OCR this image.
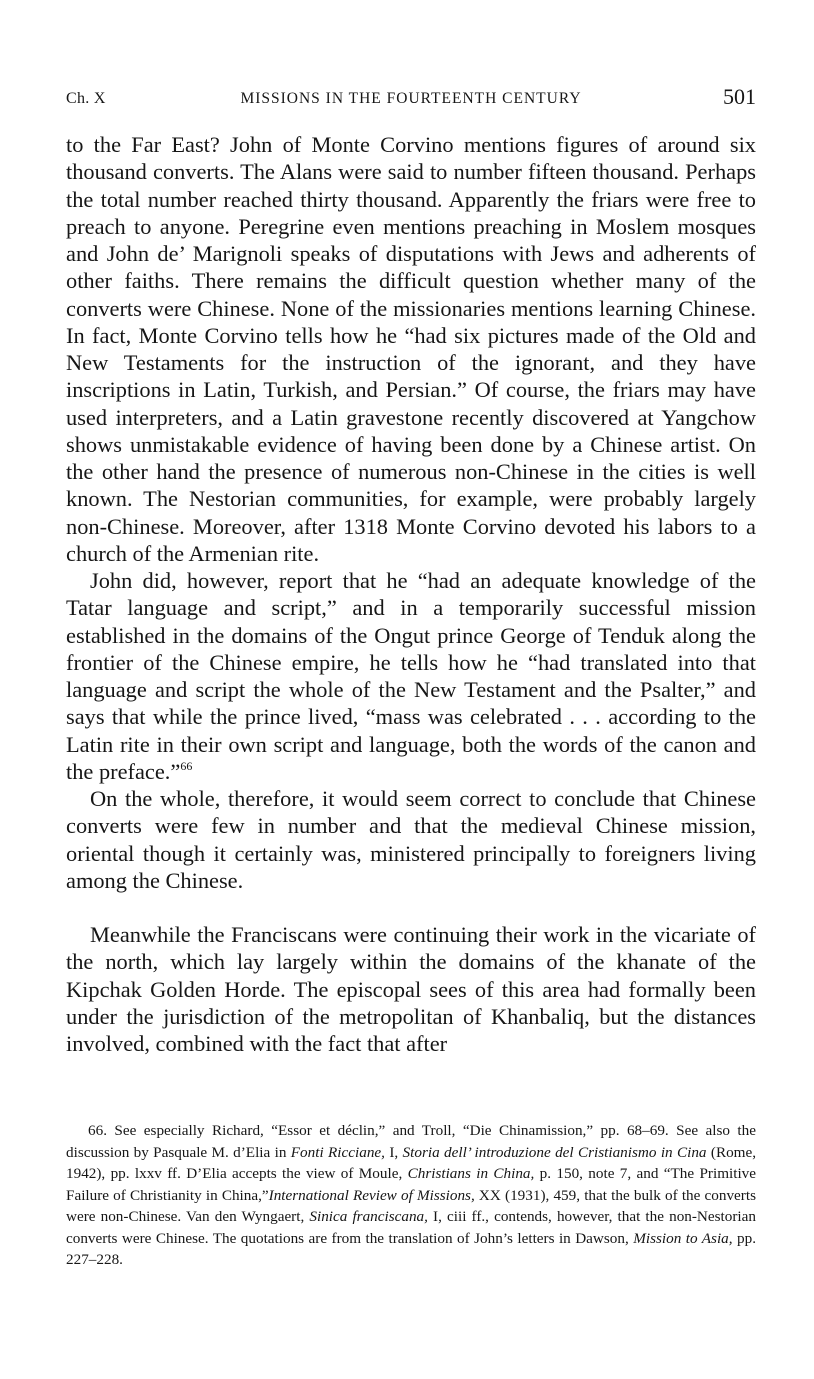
Ch. X	MISSIONS IN THE FOURTEENTH CENTURY	501

to the Far East? John of Monte Corvino mentions figures of around six thousand converts. The Alans were said to number fifteen thousand. Perhaps the total number reached thirty thousand. Apparently the friars were free to preach to anyone. Peregrine even mentions preaching in Moslem mosques and John de’ Marignoli speaks of disputations with Jews and adherents of other faiths. There remains the difficult question whether many of the converts were Chinese. None of the missionaries mentions learning Chinese. In fact, Monte Corvino tells how he “had six pictures made of the Old and New Testaments for the instruction of the ignorant, and they have inscriptions in Latin, Turkish, and Persian.” Of course, the friars may have used interpreters, and a Latin gravestone recently discovered at Yangchow shows unmistakable evidence of having been done by a Chinese artist. On the other hand the presence of numerous non-Chinese in the cities is well known. The Nestorian communities, for example, were probably largely non-Chinese. Moreover, after 1318 Monte Corvino devoted his labors to a church of the Armenian rite.

John did, however, report that he “had an adequate knowledge of the Tatar language and script,” and in a temporarily successful mission established in the domains of the Ongut prince George of Tenduk along the frontier of the Chinese empire, he tells how he “had translated into that language and script the whole of the New Testament and the Psalter,” and says that while the prince lived, “mass was celebrated . . . according to the Latin rite in their own script and language, both the words of the canon and the preface.”$^{66}$

On the whole, therefore, it would seem correct to conclude that Chinese converts were few in number and that the medieval Chinese mission, oriental though it certainly was, ministered principally to foreigners living among the Chinese.

Meanwhile the Franciscans were continuing their work in the vicariate of the north, which lay largely within the domains of the khanate of the Kipchak Golden Horde. The episcopal sees of this area had formally been under the jurisdiction of the metropolitan of Khanbaliq, but the distances involved, combined with the fact that after

66. See especially Richard, “Essor et déclin,” and Troll, “Die Chinamission,” pp. 68–69. See also the discussion by Pasquale M. d’Elia in Fonti Ricciane, I, Storia dell’ introduzione del Cristianismo in Cina (Rome, 1942), pp. lxxv ff. D’Elia accepts the view of Moule, Christians in China, p. 150, note 7, and “The Primitive Failure of Christianity in China,”International Review of Missions, XX (1931), 459, that the bulk of the converts were non-Chinese. Van den Wyngaert, Sinica franciscana, I, ciii ff., contends, however, that the non-Nestorian converts were Chinese. The quotations are from the translation of John’s letters in Dawson, Mission to Asia, pp. 227–228.
